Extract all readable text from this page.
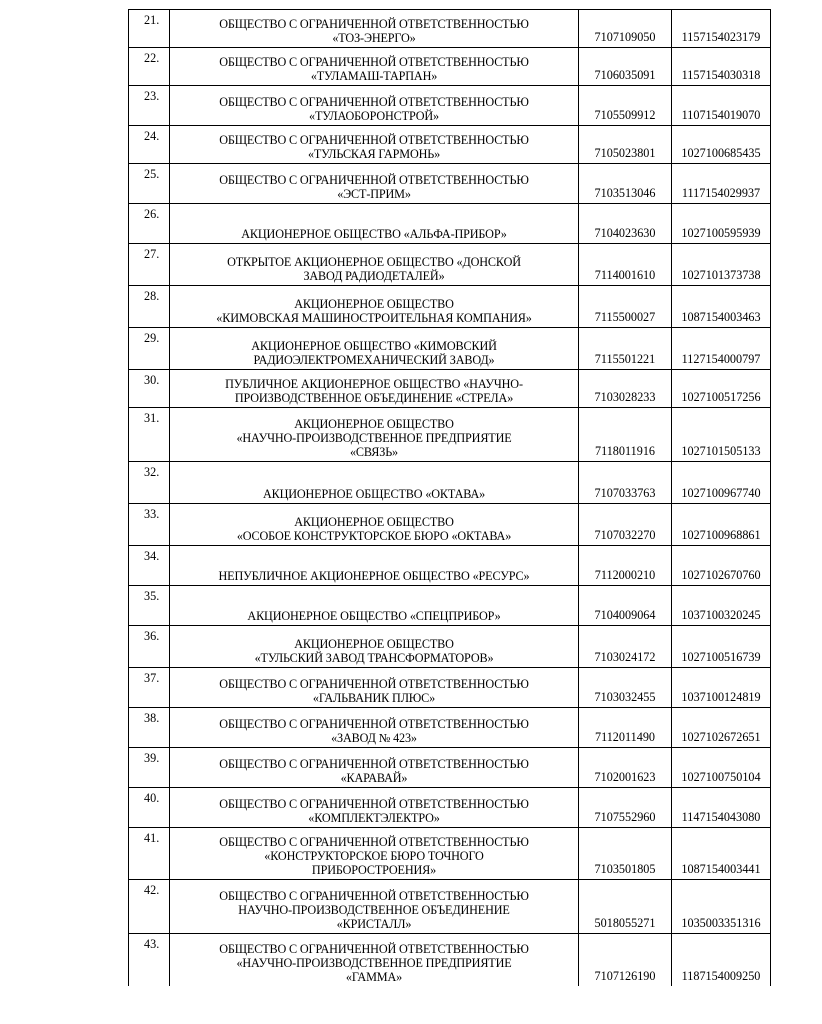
21.	ОБЩЕСТВО С ОГРАНИЧЕННОЙ ОТВЕТСТВЕННОСТЬЮ
«ТОЗ-ЭНЕРГО»	7107109050	1157154023179

22.	ОБЩЕСТВО С ОГРАНИЧЕННОЙ ОТВЕТСТВЕННОСТЬЮ
«ТУЛАМАШ-ТАРПАН»	7106035091	1157154030318

23.	ОБЩЕСТВО С ОГРАНИЧЕННОЙ ОТВЕТСТВЕННОСТЬЮ
«ТУЛАОБОРОНСТРОЙ»	7105509912	1107154019070

24.	ОБЩЕСТВО С ОГРАНИЧЕННОЙ ОТВЕТСТВЕННОСТЬЮ
«ТУЛЬСКАЯ ГАРМОНЬ»	7105023801	1027100685435

25.	ОБЩЕСТВО С ОГРАНИЧЕННОЙ ОТВЕТСТВЕННОСТЬЮ
«ЭСТ-ПРИМ»	7103513046	1117154029937

26.	АКЦИОНЕРНОЕ ОБЩЕСТВО «АЛЬФА-ПРИБОР»	7104023630	1027100595939

27.	ОТКРЫТОЕ АКЦИОНЕРНОЕ ОБЩЕСТВО «ДОНСКОЙ
ЗАВОД РАДИОДЕТАЛЕЙ»	7114001610	1027101373738

28.	АКЦИОНЕРНОЕ ОБЩЕСТВО
«КИМОВСКАЯ МАШИНОСТРОИТЕЛЬНАЯ КОМПАНИЯ»	7115500027	1087154003463

29.	АКЦИОНЕРНОЕ ОБЩЕСТВО «КИМОВСКИЙ
РАДИОЭЛЕКТРОМЕХАНИЧЕСКИЙ ЗАВОД»	7115501221	1127154000797

30.	ПУБЛИЧНОЕ АКЦИОНЕРНОЕ ОБЩЕСТВО «НАУЧНО-
ПРОИЗВОДСТВЕННОЕ ОБЪЕДИНЕНИЕ «СТРЕЛА»	7103028233	1027100517256

31.	АКЦИОНЕРНОЕ ОБЩЕСТВО
«НАУЧНО-ПРОИЗВОДСТВЕННОЕ ПРЕДПРИЯТИЕ
«СВЯЗЬ»	7118011916	1027101505133

32.	АКЦИОНЕРНОЕ ОБЩЕСТВО «ОКТАВА»	7107033763	1027100967740

33.	АКЦИОНЕРНОЕ ОБЩЕСТВО
«ОСОБОЕ КОНСТРУКТОРСКОЕ БЮРО «ОКТАВА»	7107032270	1027100968861

34.	НЕПУБЛИЧНОЕ АКЦИОНЕРНОЕ ОБЩЕСТВО «РЕСУРС»	7112000210	1027102670760

35.	АКЦИОНЕРНОЕ ОБЩЕСТВО «СПЕЦПРИБОР»	7104009064	1037100320245

36.	АКЦИОНЕРНОЕ ОБЩЕСТВО
«ТУЛЬСКИЙ ЗАВОД ТРАНСФОРМАТОРОВ»	7103024172	1027100516739

37.	ОБЩЕСТВО С ОГРАНИЧЕННОЙ ОТВЕТСТВЕННОСТЬЮ
«ГАЛЬВАНИК ПЛЮС»	7103032455	1037100124819

38.	ОБЩЕСТВО С ОГРАНИЧЕННОЙ ОТВЕТСТВЕННОСТЬЮ
«ЗАВОД № 423»	7112011490	1027102672651

39.	ОБЩЕСТВО С ОГРАНИЧЕННОЙ ОТВЕТСТВЕННОСТЬЮ
«КАРАВАЙ»	7102001623	1027100750104

40.	ОБЩЕСТВО С ОГРАНИЧЕННОЙ ОТВЕТСТВЕННОСТЬЮ
«КОМПЛЕКТЭЛЕКТРО»	7107552960	1147154043080

41.	ОБЩЕСТВО С ОГРАНИЧЕННОЙ ОТВЕТСТВЕННОСТЬЮ
«КОНСТРУКТОРСКОЕ БЮРО ТОЧНОГО
ПРИБОРОСТРОЕНИЯ»	7103501805	1087154003441

42.	ОБЩЕСТВО С ОГРАНИЧЕННОЙ ОТВЕТСТВЕННОСТЬЮ
НАУЧНО-ПРОИЗВОДСТВЕННОЕ ОБЪЕДИНЕНИЕ
«КРИСТАЛЛ»	5018055271	1035003351316

43.	ОБЩЕСТВО С ОГРАНИЧЕННОЙ ОТВЕТСТВЕННОСТЬЮ
«НАУЧНО-ПРОИЗВОДСТВЕННОЕ ПРЕДПРИЯТИЕ
«ГАММА»	7107126190	1187154009250
